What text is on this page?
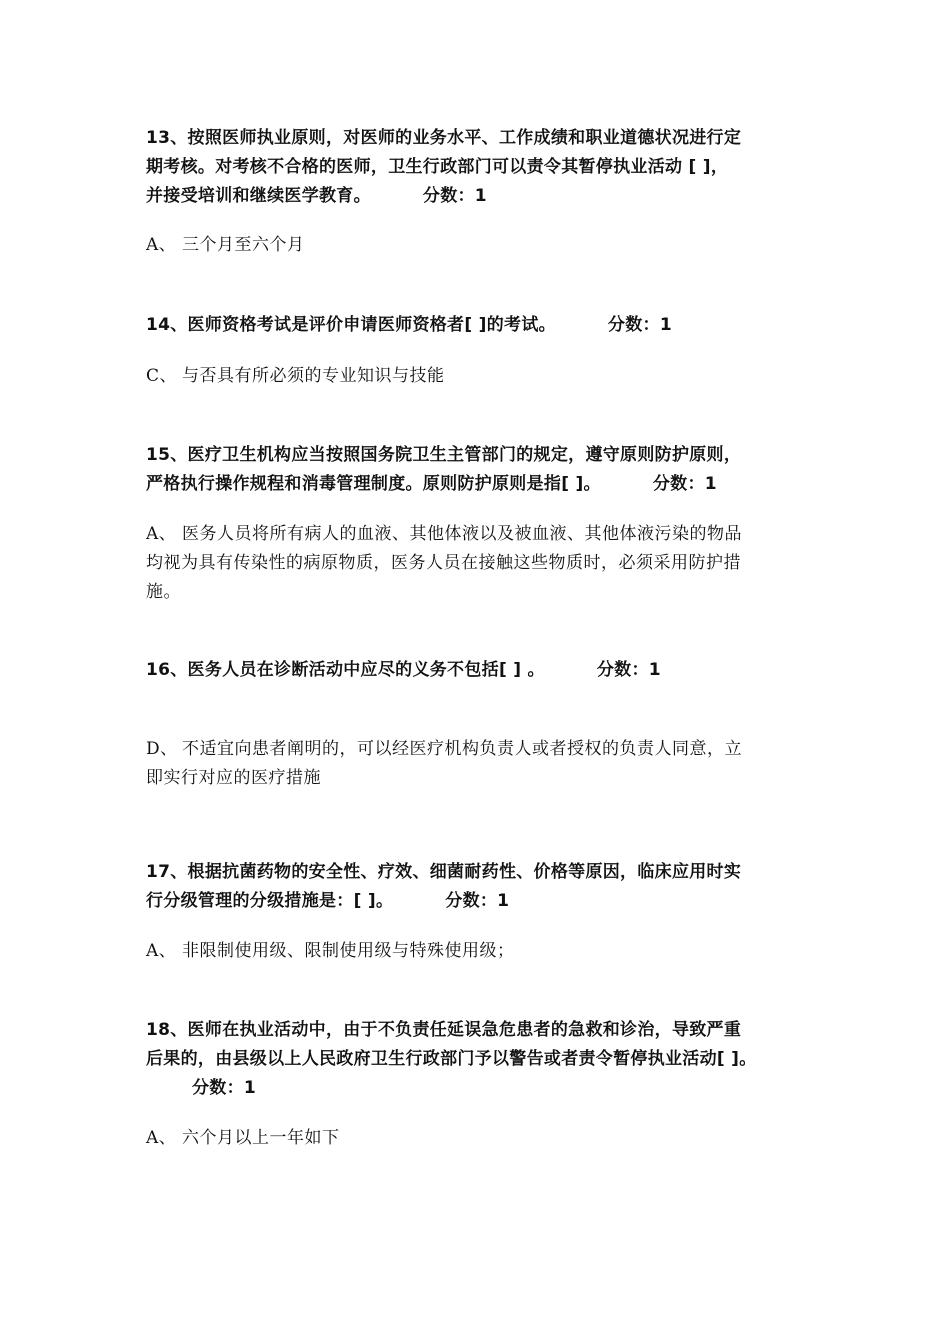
13、按照医师执业原则，对医师的业务水平、工作成绩和职业道德状况进行定
期考核。对考核不合格的医师，卫生行政部门可以责令其暂停执业活动 [ ]，
并接受培训和继续医学教育。	分数：1
A、 三个月至六个月
14、医师资格考试是评价申请医师资格者[ ]的考试。	分数：1
C、 与否具有所必须的专业知识与技能
15、医疗卫生机构应当按照国务院卫生主管部门的规定，遵守原则防护原则，
严格执行操作规程和消毒管理制度。原则防护原则是指[ ]。	分数：1
A、 医务人员将所有病人的血液、其他体液以及被血液、其他体液污染的物品
均视为具有传染性的病原物质，医务人员在接触这些物质时，必须采用防护措
施。
16、医务人员在诊断活动中应尽的义务不包括[ ] 。	分数：1
D、 不适宜向患者阐明的，可以经医疗机构负责人或者授权的负责人同意，立
即实行对应的医疗措施
17、根据抗菌药物的安全性、疗效、细菌耐药性、价格等原因，临床应用时实
行分级管理的分级措施是：[ ]。	分数：1
A、 非限制使用级、限制使用级与特殊使用级；
18、医师在执业活动中，由于不负责任延误急危患者的急救和诊治，导致严重
后果的，由县级以上人民政府卫生行政部门予以警告或者责令暂停执业活动[ ]。
分数：1
A、 六个月以上一年如下
